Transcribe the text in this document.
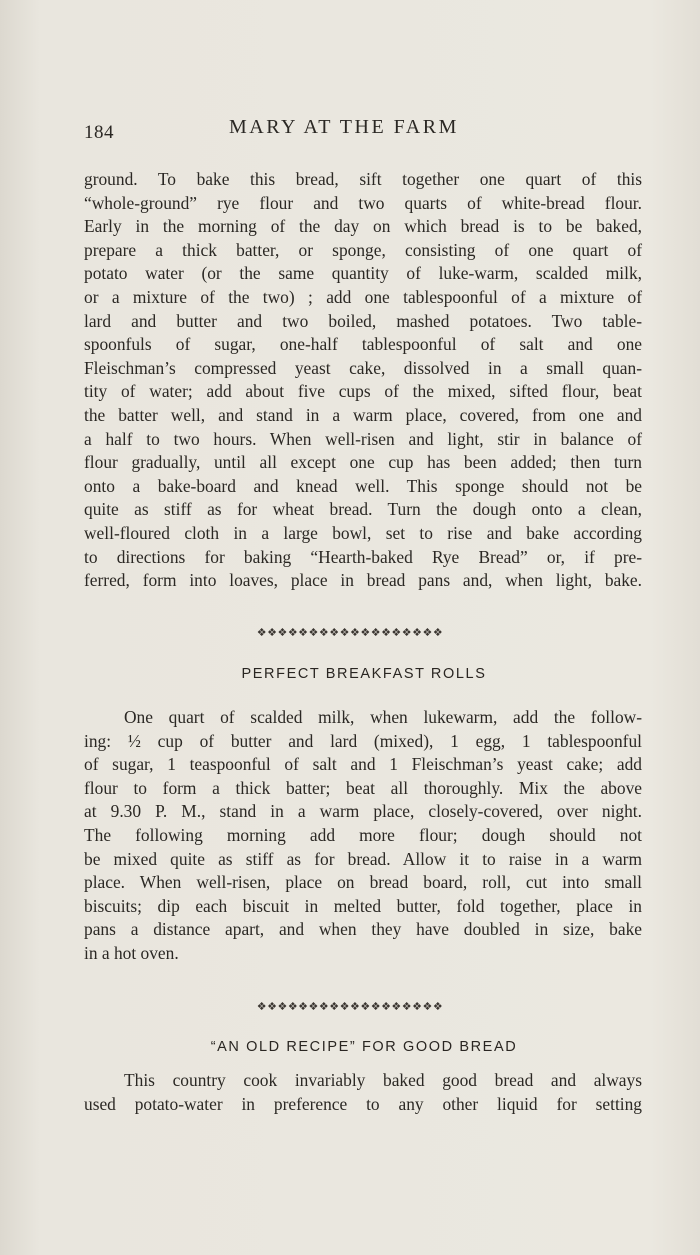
184	MARY AT THE FARM
ground. To bake this bread, sift together one quart of this
“whole-ground” rye flour and two quarts of white-bread flour.
Early in the morning of the day on which bread is to be baked,
prepare a thick batter, or sponge, consisting of one quart of
potato water (or the same quantity of luke-warm, scalded milk,
or a mixture of the two) ; add one tablespoonful of a mixture of
lard and butter and two boiled, mashed potatoes. Two table-
spoonfuls of sugar, one-half tablespoonful of salt and one
Fleischman’s compressed yeast cake, dissolved in a small quan-
tity of water; add about five cups of the mixed, sifted flour, beat
the batter well, and stand in a warm place, covered, from one and
a half to two hours. When well-risen and light, stir in balance of
flour gradually, until all except one cup has been added; then turn
onto a bake-board and knead well. This sponge should not be
quite as stiff as for wheat bread. Turn the dough onto a clean,
well-floured cloth in a large bowl, set to rise and bake according
to directions for baking “Hearth-baked Rye Bread” or, if pre-
ferred, form into loaves, place in bread pans and, when light, bake.
❖❖❖❖❖❖❖❖❖❖❖❖❖❖❖❖❖❖
PERFECT BREAKFAST ROLLS
One quart of scalded milk, when lukewarm, add the follow-
ing: ½ cup of butter and lard (mixed), 1 egg, 1 tablespoonful
of sugar, 1 teaspoonful of salt and 1 Fleischman’s yeast cake; add
flour to form a thick batter; beat all thoroughly. Mix the above
at 9.30 P. M., stand in a warm place, closely-covered, over night.
The following morning add more flour; dough should not
be mixed quite as stiff as for bread. Allow it to raise in a warm
place. When well-risen, place on bread board, roll, cut into small
biscuits; dip each biscuit in melted butter, fold together, place in
pans a distance apart, and when they have doubled in size, bake
in a hot oven.
❖❖❖❖❖❖❖❖❖❖❖❖❖❖❖❖❖❖
“AN OLD RECIPE” FOR GOOD BREAD
This country cook invariably baked good bread and always
used potato-water in preference to any other liquid for setting
